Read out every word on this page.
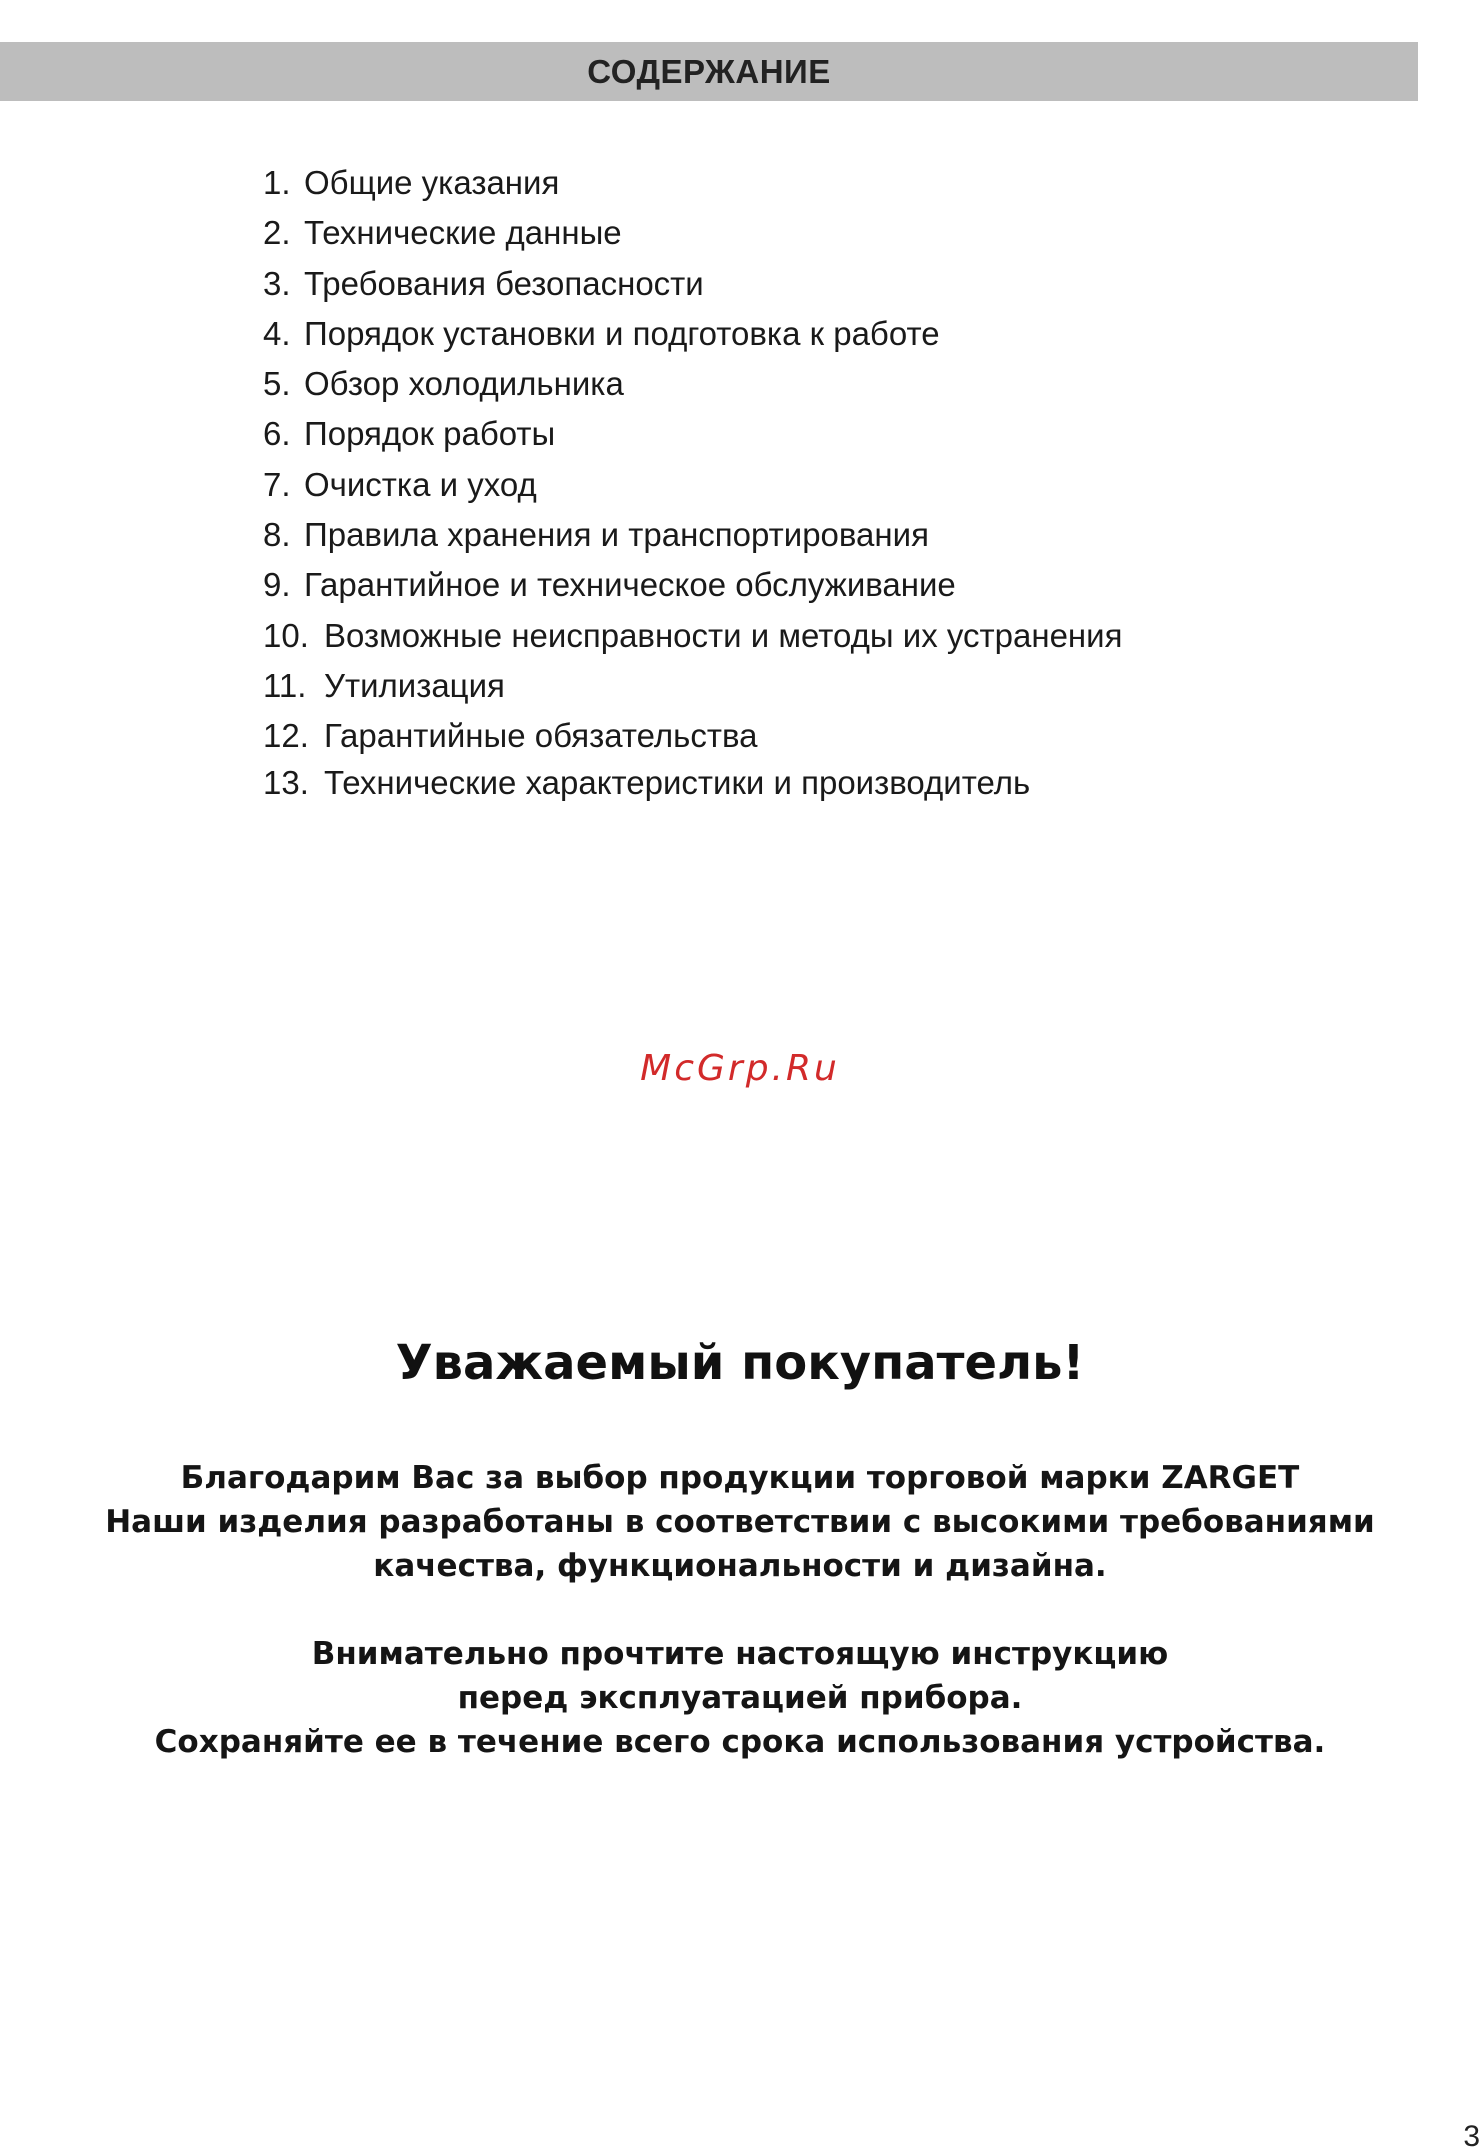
СОДЕРЖАНИЕ
1. Общие указания
2. Технические данные
3. Требования безопасности
4. Порядок установки и подготовка к работе
5. Обзор холодильника
6. Порядок работы
7. Очистка и уход
8. Правила хранения и транспортирования
9. Гарантийное и техническое обслуживание
10. Возможные неисправности и методы их устранения
11. Утилизация
12. Гарантийные обязательства
13. Технические характеристики и производитель
McGrp.Ru
Уважаемый покупатель!
Благодарим Вас за выбор продукции торговой марки ZARGET
Наши изделия разработаны в соответствии с высокими требованиями
качества, функциональности и дизайна.
Внимательно прочтите настоящую инструкцию
перед эксплуатацией прибора.
Сохраняйте ее в течение всего срока использования устройства.
3
